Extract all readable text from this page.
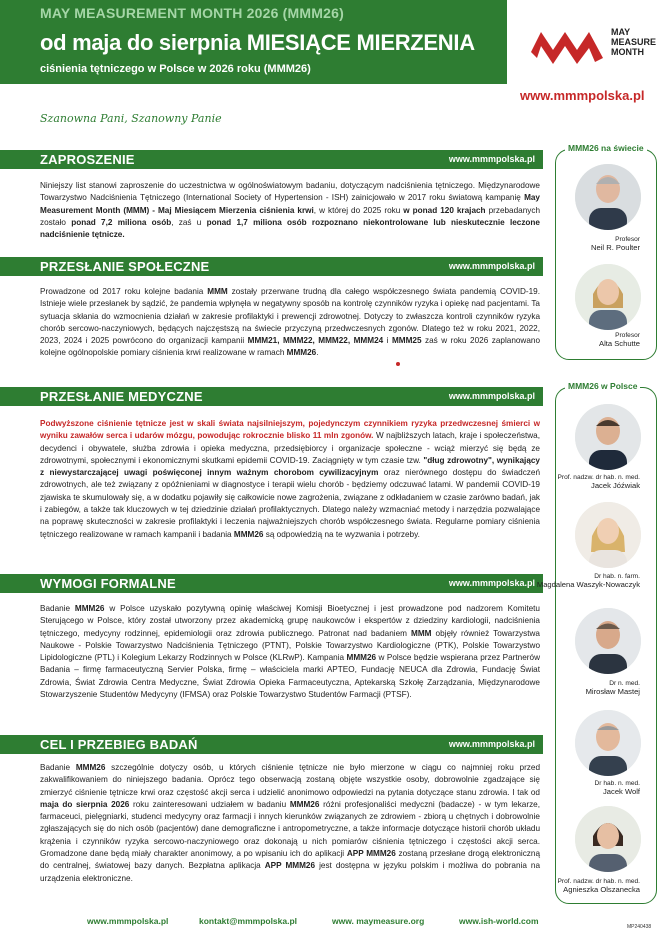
MAY MEASUREMENT MONTH 2026 (MMM26)
od maja do sierpnia MIESIĄCE MIERZENIA
ciśnienia tętniczego w Polsce w 2026 roku (MMM26)
MAY
MEASURE
MONTH
www.mmmpolska.pl
Szanowna Pani, Szanowny Panie
ZAPROSZENIE	www.mmmpolska.pl
Niniejszy list stanowi zaproszenie do uczestnictwa w ogólnoświatowym badaniu, dotyczącym nadciśnienia tętniczego. Międzynarodowe Towarzystwo Nadciśnienia Tętniczego (International Society of Hypertension - ISH) zainicjowało w 2017 roku światową kampanię May Measurement Month (MMM) - Maj Miesiącem Mierzenia ciśnienia krwi, w której do 2025 roku w ponad 120 krajach przebadanych zostało ponad 7,2 miliona osób, zaś u ponad 1,7 miliona osób rozpoznano niekontrolowane lub nieskutecznie leczone nadciśnienie tętnicze.
PRZESŁANIE SPOŁECZNE	www.mmmpolska.pl
Prowadzone od 2017 roku kolejne badania MMM zostały przerwane trudną dla całego współczesnego świata pandemią COVID-19. Istnieje wiele przesłanek by sądzić, że pandemia wpłynęła w negatywny sposób na kontrolę czynników ryzyka i opiekę nad pacjentami. Ta sytuacja skłania do wzmocnienia działań w zakresie profilaktyki i prewencji zdrowotnej. Dotyczy to zwłaszcza kontroli czynników ryzyka chorób sercowo-naczyniowych, będących najczęstszą na świecie przyczyną przedwczesnych zgonów. Dlatego też w roku 2021, 2022, 2023, 2024 i 2025 powrócono do organizacji kampanii MMM21, MMM22, MMM22, MMM24 i MMM25 zaś w roku 2026 zaplanowano kolejne ogólnopolskie pomiary ciśnienia krwi realizowane w ramach MMM26.
PRZESŁANIE MEDYCZNE	www.mmmpolska.pl
Podwyższone ciśnienie tętnicze jest w skali świata najsilniejszym, pojedynczym czynnikiem ryzyka przedwczesnej śmierci w wyniku zawałów serca i udarów mózgu, powodując rokrocznie blisko 11 mln zgonów. W najbliższych latach, kraje i społeczeństwa, decydenci i obywatele, służba zdrowia i opieka medyczna, przedsiębiorcy i organizacje społeczne - wciąż mierzyć się będą ze zdrowotnymi, społecznymi i ekonomicznymi skutkami epidemii COVID-19. Zaciągnięty w tym czasie tzw. "dług zdrowotny", wynikający z niewystarczającej uwagi poświęconej innym ważnym chorobom cywilizacyjnym oraz nierównego dostępu do świadczeń zdrowotnych, ale też związany z opóźnieniami w diagnostyce i terapii wielu chorób - będziemy odczuwać latami. W pandemii COVID-19 zjawiska te skumulowały się, a w dodatku pojawiły się całkowicie nowe zagrożenia, związane z odkładaniem w czasie zarówno badań, jak i zabiegów, a także tak kluczowych w tej dziedzinie działań profilaktycznych. Dlatego należy wzmacniać metody i narzędzia pozwalające na poprawę skuteczności w zakresie profilaktyki i leczenia najważniejszych chorób współczesnego świata. Regularne pomiary ciśnienia tętniczego realizowane w ramach kampanii i badania MMM26 są odpowiedzią na te wyzwania i potrzeby.
WYMOGI FORMALNE	www.mmmpolska.pl
Badanie MMM26 w Polsce uzyskało pozytywną opinię właściwej Komisji Bioetycznej i jest prowadzone pod nadzorem Komitetu Sterującego w Polsce, który został utworzony przez akademicką grupę naukowców i ekspertów z dziedziny kardiologii, nadciśnienia tętniczego, medycyny rodzinnej, epidemiologii oraz zdrowia publicznego. Patronat nad badaniem MMM objęły również Towarzystwa Naukowe - Polskie Towarzystwo Nadciśnienia Tętniczego (PTNT), Polskie Towarzystwo Kardiologiczne (PTK), Polskie Towarzystwo Lipidologiczne (PTL) i Kolegium Lekarzy Rodzinnych w Polsce (KLRwP). Kampania MMM26 w Polsce będzie wspierana przez Partnerów Badania – firmę farmaceutyczną Servier Polska, firmę – właściciela marki APTEO, Fundację NEUCA dla Zdrowia, Fundację Świat Zdrowia, Świat Zdrowia Centra Medyczne, Świat Zdrowia Opieka Farmaceutyczna, Aptekarską Szkołę Zarządzania, Międzynarodowe Stowarzyszenie Studentów Medycyny (IFMSA) oraz Polskie Towarzystwo Studentów Farmacji (PTSF).
CEL I PRZEBIEG BADAŃ	www.mmmpolska.pl
Badanie MMM26 szczególnie dotyczy osób, u których ciśnienie tętnicze nie było mierzone w ciągu co najmniej roku przed zakwalifikowaniem do niniejszego badania. Oprócz tego obserwacją zostaną objęte wszystkie osoby, dobrowolnie zgadzające się zmierzyć ciśnienie tętnicze krwi oraz częstość akcji serca i udzielić anonimowo odpowiedzi na pytania dotyczące stanu zdrowia. I tak od maja do sierpnia 2026 roku zainteresowani udziałem w badaniu MMM26 różni profesjonaliści medyczni (badacze) - w tym lekarze, farmaceuci, pielęgniarki, studenci medycyny oraz farmacji i innych kierunków związanych ze zdrowiem - zbiorą u chętnych i dobrowolnie zgłaszających się do nich osób (pacjentów) dane demograficzne i antropometryczne, a także informacje dotyczące historii chorób układu krążenia i czynników ryzyka sercowo-naczyniowego oraz dokonają u nich pomiarów ciśnienia tętniczego i częstości akcji serca. Gromadzone dane będą miały charakter anonimowy, a po wpisaniu ich do aplikacji APP MMM26 zostaną przesłane drogą elektroniczną do centralnej, światowej bazy danych. Bezpłatna aplikacja APP MMM26 jest dostępna w języku polskim i możliwa do pobrania na urządzenia elektroniczne.
MMM26 na świecie
Profesor
Neil R. Poulter
Profesor
Alta Schutte
MMM26 w Polsce
Prof. nadzw. dr hab. n. med.
Jacek Jóźwiak
Dr hab. n. farm.
Magdalena Waszyk-Nowaczyk
Dr n. med.
Mirosław Mastej
Dr hab. n. med.
Jacek Wolf
Prof. nadzw. dr hab. n. med.
Agnieszka Olszanecka
www.mmmpolska.pl	kontakt@mmmpolska.pl	www. maymeasure.org	www.ish-world.com
MP240438
